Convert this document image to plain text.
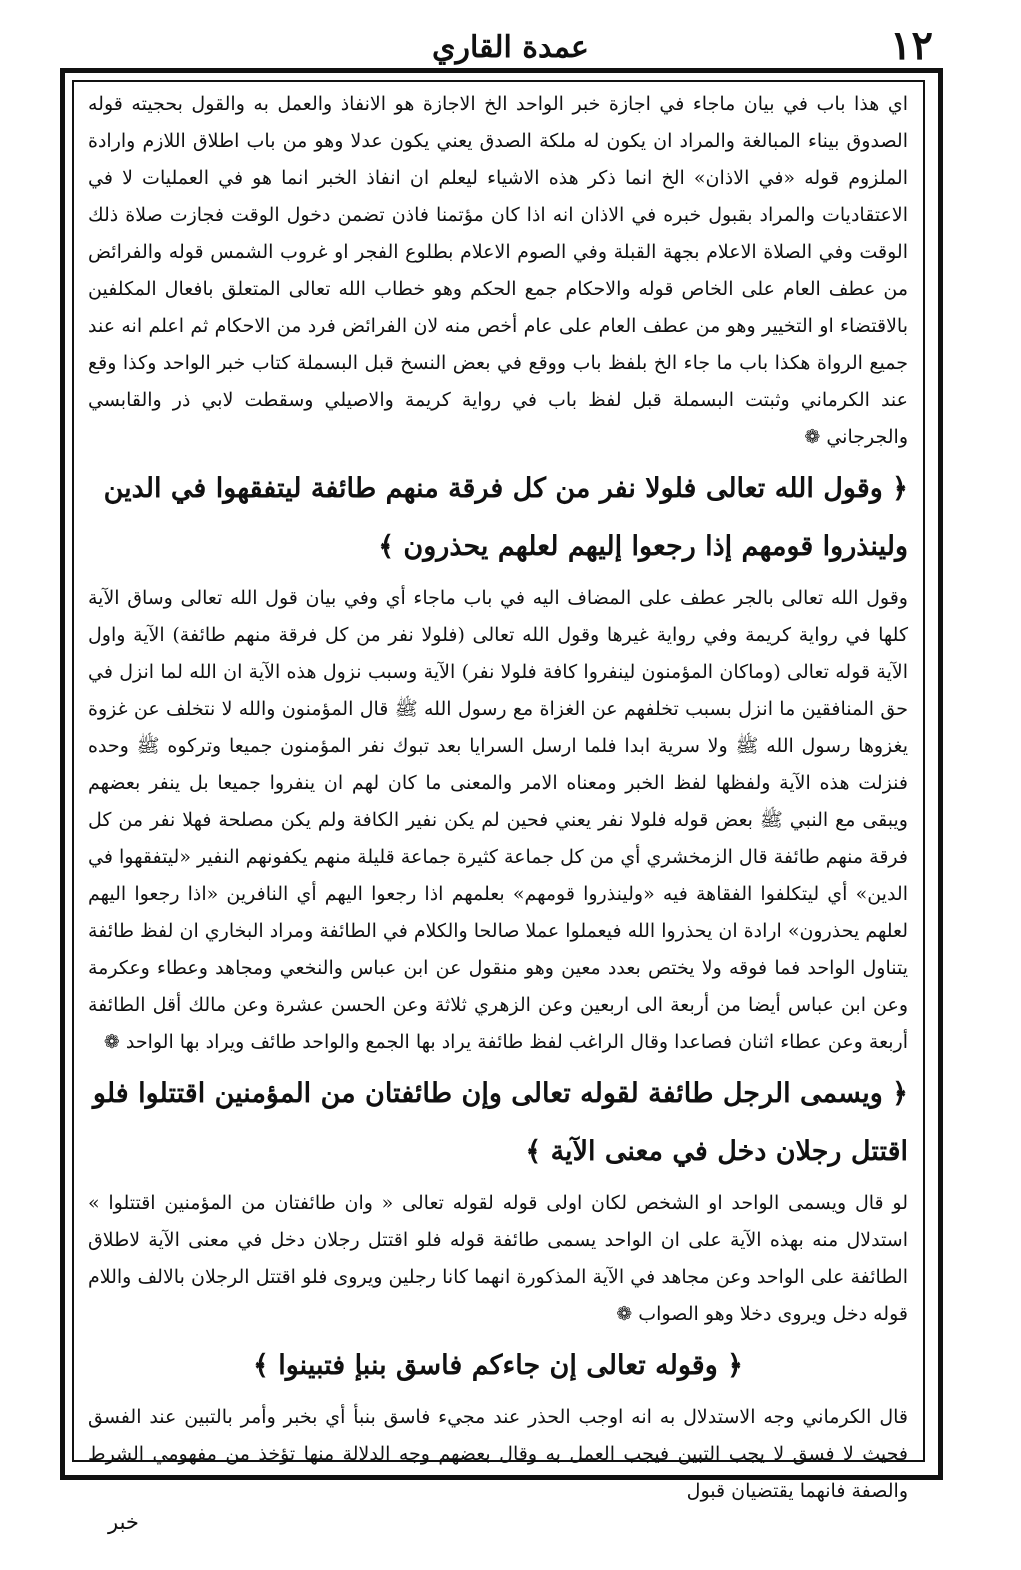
عمدة القاري	١٢

اي هذا باب في بيان ماجاء في اجازة خبر الواحد الخ الاجازة هو الانفاذ والعمل به والقول بحجيته قوله الصدوق بيناء المبالغة والمراد ان يكون له ملكة الصدق يعني يكون عدلا وهو من باب اطلاق اللازم وارادة الملزوم قوله «في الاذان» الخ انما ذكر هذه الاشياء ليعلم ان انفاذ الخبر انما هو في العمليات لا في الاعتقاديات والمراد بقبول خبره في الاذان انه اذا كان مؤتمنا فاذن تضمن دخول الوقت فجازت صلاة ذلك الوقت وفي الصلاة الاعلام بجهة القبلة وفي الصوم الاعلام بطلوع الفجر او غروب الشمس قوله والفرائض من عطف العام على الخاص قوله والاحكام جمع الحكم وهو خطاب الله تعالى المتعلق بافعال المكلفين بالاقتضاء او التخيير وهو من عطف العام على عام أخص منه لان الفرائض فرد من الاحكام ثم اعلم انه عند جميع الرواة هكذا باب ما جاء الخ بلفظ باب ووقع في بعض النسخ قبل البسملة كتاب خبر الواحد وكذا وقع عند الكرماني وثبتت البسملة قبل لفظ باب في رواية كريمة والاصيلي وسقطت لابي ذر والقابسي والجرجاني ❁

﴿ وقول الله تعالى فلولا نفر من كل فرقة منهم طائفة ليتفقهوا في الدين ولينذروا قومهم إذا رجعوا إليهم لعلهم يحذرون ﴾

وقول الله تعالى بالجر عطف على المضاف اليه في باب ماجاء أي وفي بيان قول الله تعالى وساق الآية كلها في رواية كريمة وفي رواية غيرها وقول الله تعالى (فلولا نفر من كل فرقة منهم طائفة) الآية واول الآية قوله تعالى (وماكان المؤمنون لينفروا كافة فلولا نفر) الآية وسبب نزول هذه الآية ان الله لما انزل في حق المنافقين ما انزل بسبب تخلفهم عن الغزاة مع رسول الله ﷺ قال المؤمنون والله لا نتخلف عن غزوة يغزوها رسول الله ﷺ ولا سرية ابدا فلما ارسل السرايا بعد تبوك نفر المؤمنون جميعا وتركوه ﷺ وحده فنزلت هذه الآية ولفظها لفظ الخبر ومعناه الامر والمعنى ما كان لهم ان ينفروا جميعا بل ينفر بعضهم ويبقى مع النبي ﷺ بعض قوله فلولا نفر يعني فحين لم يكن نفير الكافة ولم يكن مصلحة فهلا نفر من كل فرقة منهم طائفة قال الزمخشري أي من كل جماعة كثيرة جماعة قليلة منهم يكفونهم النفير «ليتفقهوا في الدين» أي ليتكلفوا الفقاهة فيه «ولينذروا قومهم» بعلمهم اذا رجعوا اليهم أي النافرين «اذا رجعوا اليهم لعلهم يحذرون» ارادة ان يحذروا الله فيعملوا عملا صالحا والكلام في الطائفة ومراد البخاري ان لفظ طائفة يتناول الواحد فما فوقه ولا يختص بعدد معين وهو منقول عن ابن عباس والنخعي ومجاهد وعطاء وعكرمة وعن ابن عباس أيضا من أربعة الى اربعين وعن الزهري ثلاثة وعن الحسن عشرة وعن مالك أقل الطائفة أربعة وعن عطاء اثنان فصاعدا وقال الراغب لفظ طائفة يراد بها الجمع والواحد طائف ويراد بها الواحد ❁

﴿ ويسمى الرجل طائفة لقوله تعالى وإن طائفتان من المؤمنين اقتتلوا فلو اقتتل رجلان دخل في معنى الآية ﴾

لو قال ويسمى الواحد او الشخص لكان اولى قوله لقوله تعالى « وان طائفتان من المؤمنين اقتتلوا » استدلال منه بهذه الآية على ان الواحد يسمى طائفة قوله فلو اقتتل رجلان دخل في معنى الآية لاطلاق الطائفة على الواحد وعن مجاهد في الآية المذكورة انهما كانا رجلين ويروى فلو اقتتل الرجلان بالالف واللام قوله دخل ويروى دخلا وهو الصواب ❁

﴿ وقوله تعالى إن جاءكم فاسق بنبإ فتبينوا ﴾

قال الكرماني وجه الاستدلال به انه اوجب الحذر عند مجيء فاسق بنبأ أي بخبر وأمر بالتبين عند الفسق فحيث لا فسق لا يجب التبين فيجب العمل به وقال بعضهم وجه الدلالة منها تؤخذ من مفهومي الشرط والصفة فانهما يقتضيان قبول

خبر
